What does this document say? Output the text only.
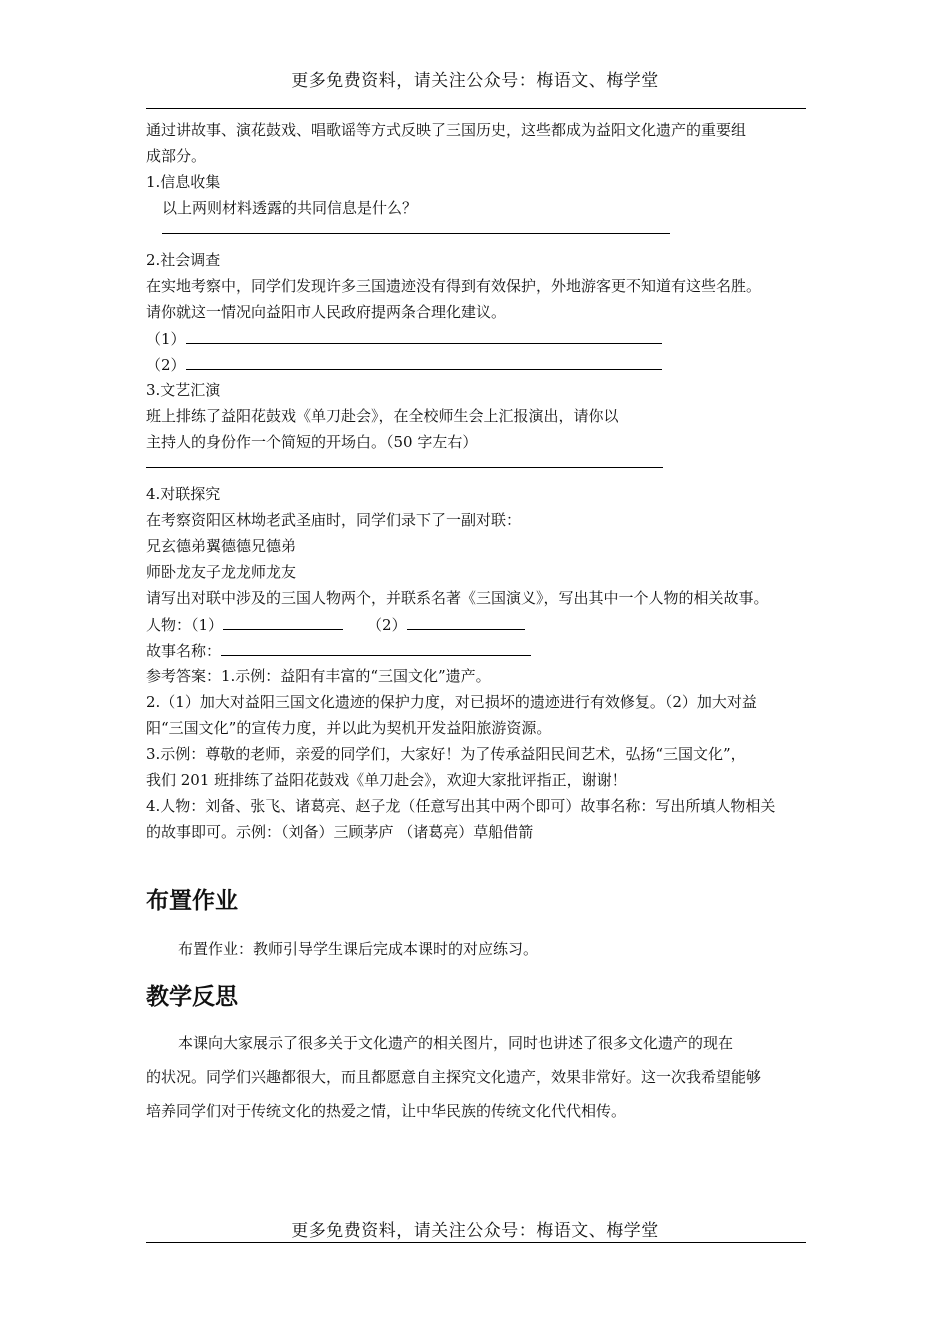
更多免费资料，请关注公众号：梅语文、梅学堂
通过讲故事、演花鼓戏、唱歌谣等方式反映了三国历史，这些都成为益阳文化遗产的重要组
成部分。
1.信息收集
以上两则材料透露的共同信息是什么？
2.社会调查
在实地考察中，同学们发现许多三国遗迹没有得到有效保护，外地游客更不知道有这些名胜。
请你就这一情况向益阳市人民政府提两条合理化建议。
（1）
（2）
3.文艺汇演
班上排练了益阳花鼓戏《单刀赴会》，在全校师生会上汇报演出，请你以
主持人的身份作一个简短的开场白。（50 字左右）
4.对联探究
在考察资阳区林坳老武圣庙时，同学们录下了一副对联：
兄玄德弟翼德德兄德弟
师卧龙友子龙龙师龙友
请写出对联中涉及的三国人物两个，并联系名著《三国演义》，写出其中一个人物的相关故事。
人物：（1）	（2）
故事名称：
参考答案：1.示例：益阳有丰富的“三国文化”遗产。
2.（1）加大对益阳三国文化遗迹的保护力度，对已损坏的遗迹进行有效修复。（2）加大对益
阳“三国文化”的宣传力度，并以此为契机开发益阳旅游资源。
3.示例：尊敬的老师，亲爱的同学们，大家好！为了传承益阳民间艺术，弘扬“三国文化”，
我们 201 班排练了益阳花鼓戏《单刀赴会》，欢迎大家批评指正，谢谢！
4.人物：刘备、张飞、诸葛亮、赵子龙（任意写出其中两个即可）故事名称：写出所填人物相关
的故事即可。示例：（刘备）三顾茅庐 （诸葛亮）草船借箭
布置作业
布置作业：教师引导学生课后完成本课时的对应练习。
教学反思
本课向大家展示了很多关于文化遗产的相关图片，同时也讲述了很多文化遗产的现在
的状况。同学们兴趣都很大，而且都愿意自主探究文化遗产，效果非常好。这一次我希望能够
培养同学们对于传统文化的热爱之情，让中华民族的传统文化代代相传。
更多免费资料，请关注公众号：梅语文、梅学堂
